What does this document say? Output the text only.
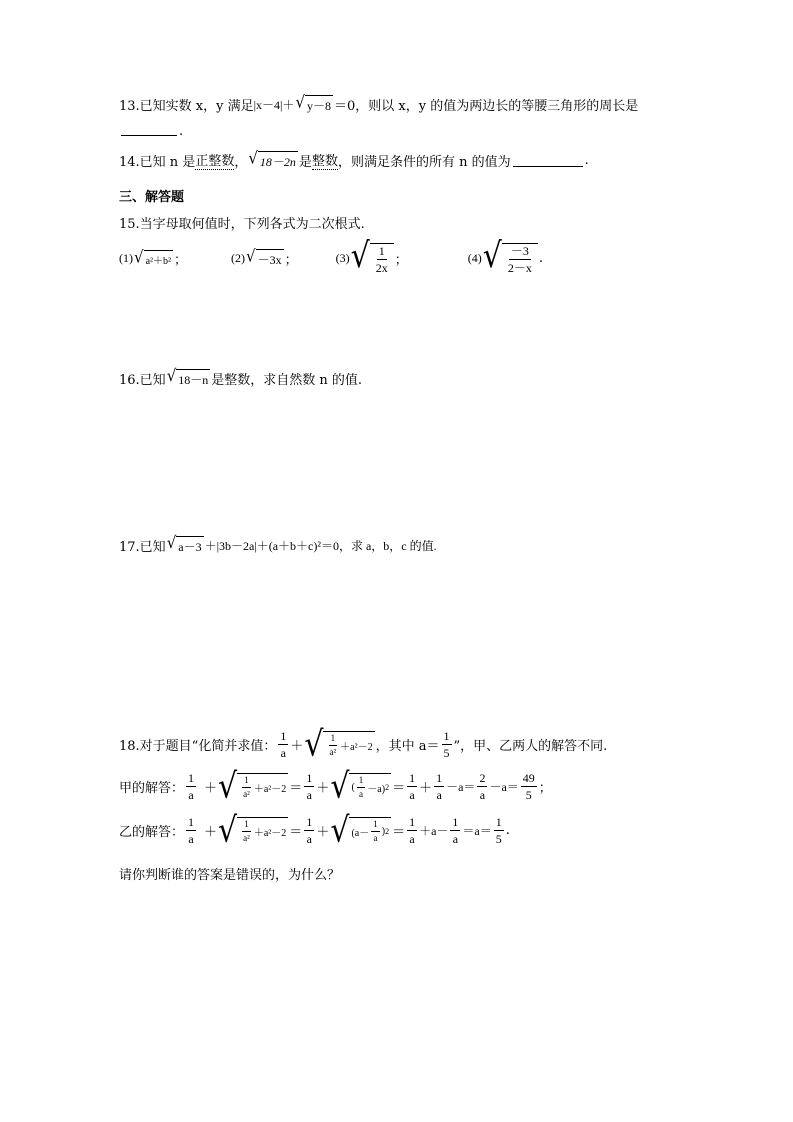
13.已知实数 x，y 满足 |x－4|＋ √ y－8 ＝0，则以 x，y 的值为两边长的等腰三角形的周长是
.
14.已知 n 是 正整数 ， √ 18－2n 是 整数 ，则满足条件的所有 n 的值为	.
三、解答题
15.当字母取何值时，下列各式为二次根式.
(1) √ a²＋b² ；	(2) √ －3x ；	(3) √ $\frac{1}{2x}$ ；	(4) √ $\frac{-3}{2-x}$ .
16.已知 √ 18－n 是整数，求自然数 n 的值.
17.已知 √ a－3 ＋|3b－2a|＋(a＋b＋c)²＝0，求 a，b，c 的值.
18.对于题目“化简并求值： $\frac{1}{a}$ ＋ √ $\frac{1}{\text{a²}} +a^2-2$ ，其中 $a= \frac{1}{5}$ ”，甲、乙两人的解答不同.
甲的解答： $\frac{1}{a}$ ＋ √ $\frac{1}{\text{a²}} +a^2-2 = \frac{1}{a}$ ＋ √ ( $\frac{1}{a} -a$) $2 = \frac{1}{a} + \frac{1}{a} -a= \frac{2}{a} -a= \frac{49}{5}$ ；
乙的解答： $\frac{1}{a}$ ＋ √ $\frac{1}{\text{a²}} +a^2-2 = \frac{1}{a}$ ＋ √ ($a- \frac{1}{a}$ ) $2 = \frac{1}{a} +a- \frac{1}{a} =a= \frac{1}{5}$ .
请你判断谁的答案是错误的，为什么？
